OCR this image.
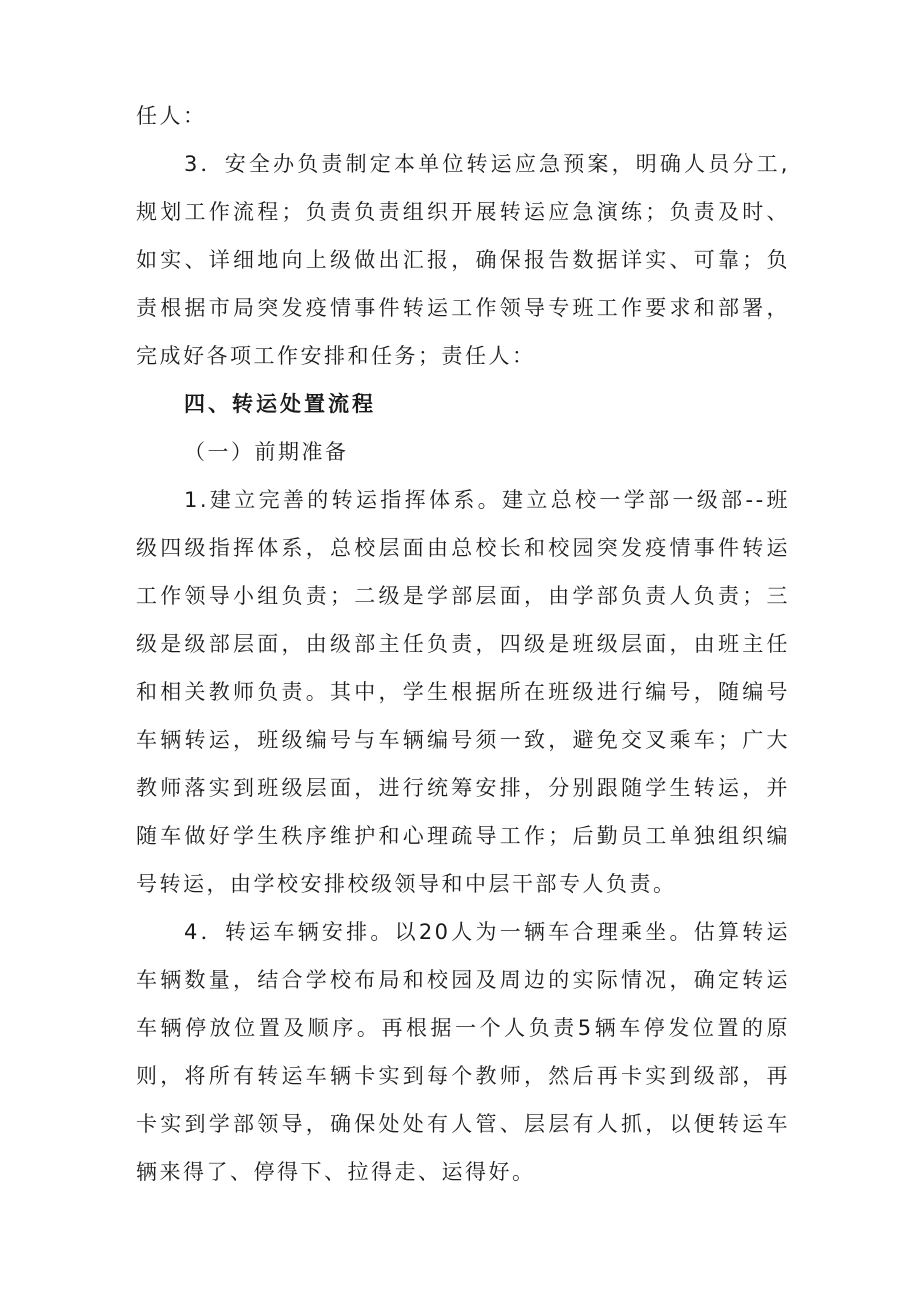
任人：

3．安全办负责制定本单位转运应急预案，明确人员分工,规划工作流程；负责负责组织开展转运应急演练；负责及时、如实、详细地向上级做出汇报，确保报告数据详实、可靠；负责根据市局突发疫情事件转运工作领导专班工作要求和部署，完成好各项工作安排和任务；责任人：

四、转运处置流程

（一）前期准备

1.建立完善的转运指挥体系。建立总校一学部一级部--班级四级指挥体系，总校层面由总校长和校园突发疫情事件转运工作领导小组负责；二级是学部层面，由学部负责人负责；三级是级部层面，由级部主任负责，四级是班级层面，由班主任和相关教师负责。其中，学生根据所在班级进行编号，随编号车辆转运，班级编号与车辆编号须一致，避免交叉乘车；广大教师落实到班级层面，进行统筹安排，分别跟随学生转运，并随车做好学生秩序维护和心理疏导工作；后勤员工单独组织编号转运，由学校安排校级领导和中层干部专人负责。

4．转运车辆安排。以20人为一辆车合理乘坐。估算转运车辆数量，结合学校布局和校园及周边的实际情况，确定转运车辆停放位置及顺序。再根据一个人负责5辆车停发位置的原则，将所有转运车辆卡实到每个教师，然后再卡实到级部，再卡实到学部领导，确保处处有人管、层层有人抓，以便转运车辆来得了、停得下、拉得走、运得好。
